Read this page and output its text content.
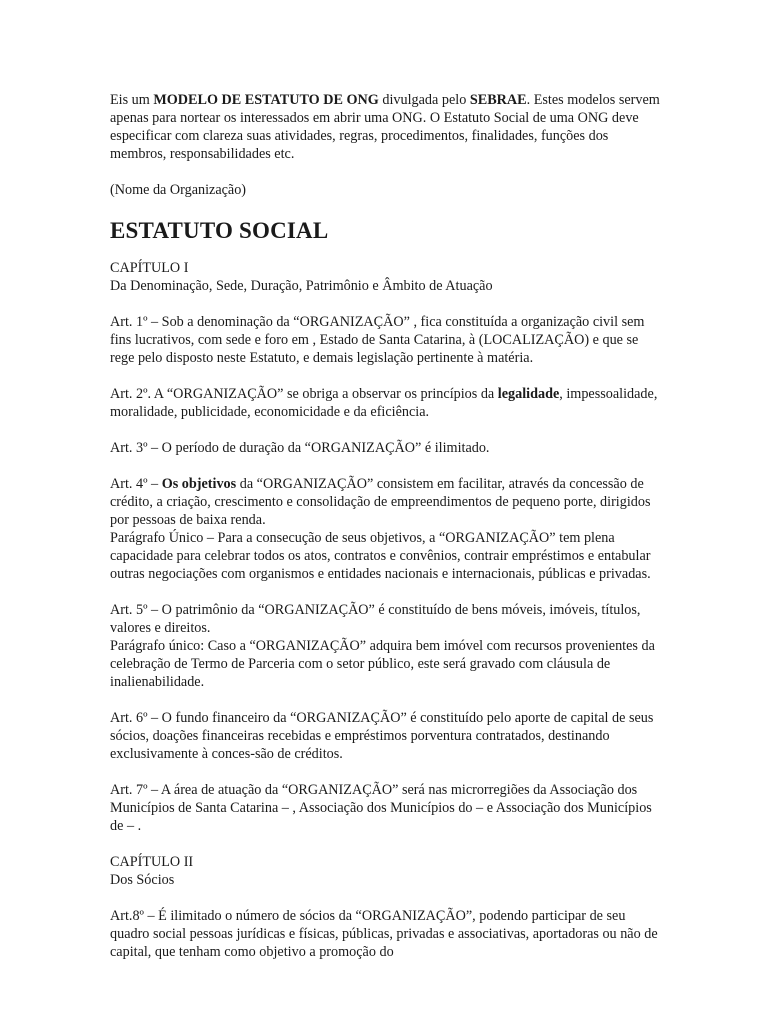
Eis um MODELO DE ESTATUTO DE ONG divulgada pelo SEBRAE. Estes modelos servem apenas para nortear os interessados em abrir uma ONG. O Estatuto Social de uma ONG deve especificar com clareza suas atividades, regras, procedimentos, finalidades, funções dos membros, responsabilidades etc.

(Nome da Organização)

ESTATUTO SOCIAL

CAPÍTULO I
Da Denominação, Sede, Duração, Patrimônio e Âmbito de Atuação

Art. 1º – Sob a denominação da “ORGANIZAÇÃO” , fica constituída a organização civil sem fins lucrativos, com sede e foro em , Estado de Santa Catarina, à (LOCALIZAÇÃO) e que se rege pelo disposto neste Estatuto, e demais legislação pertinente à matéria.

Art. 2º. A “ORGANIZAÇÃO” se obriga a observar os princípios da legalidade, impessoalidade, moralidade, publicidade, economicidade e da eficiência.

Art. 3º – O período de duração da “ORGANIZAÇÃO” é ilimitado.

Art. 4º – Os objetivos da “ORGANIZAÇÃO” consistem em facilitar, através da concessão de crédito, a criação, crescimento e consolidação de empreendimentos de pequeno porte, dirigidos por pessoas de baixa renda.
Parágrafo Único – Para a consecução de seus objetivos, a “ORGANIZAÇÃO” tem plena capacidade para celebrar todos os atos, contratos e convênios, contrair empréstimos e entabular outras negociações com organismos e entidades nacionais e internacionais, públicas e privadas.

Art. 5º – O patrimônio da “ORGANIZAÇÃO” é constituído de bens móveis, imóveis, títulos, valores e direitos.
Parágrafo único: Caso a “ORGANIZAÇÃO” adquira bem imóvel com recursos provenientes da celebração de Termo de Parceria com o setor público, este será gravado com cláusula de inalienabilidade.

Art. 6º – O fundo financeiro da “ORGANIZAÇÃO” é constituído pelo aporte de capital de seus sócios, doações financeiras recebidas e empréstimos porventura contratados, destinando exclusivamente à conces-são de créditos.

Art. 7º – A área de atuação da “ORGANIZAÇÃO” será nas microrregiões da Associação dos Municípios de Santa Catarina – , Associação dos Municípios do – e Associação dos Municípios de – .

CAPÍTULO II
Dos Sócios

Art.8º – É ilimitado o número de sócios da “ORGANIZAÇÃO”, podendo participar de seu quadro social pessoas jurídicas e físicas, públicas, privadas e associativas, aportadoras ou não de capital, que tenham como objetivo a promoção do
